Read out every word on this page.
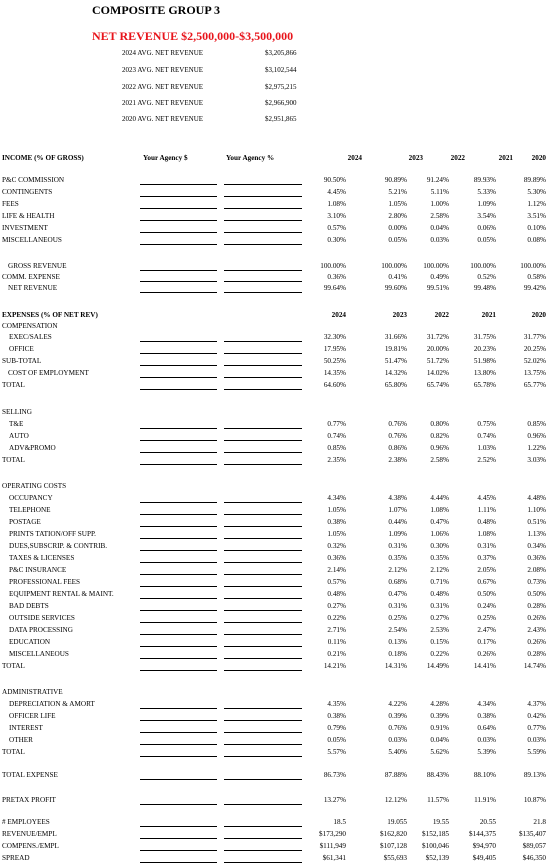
COMPOSITE GROUP 3
NET REVENUE $2,500,000-$3,500,000
2024 AVG. NET REVENUE	$3,205,866
2023 AVG. NET REVENUE	$3,102,544
2022 AVG. NET REVENUE	$2,975,215
2021 AVG. NET REVENUE	$2,966,900
2020 AVG. NET REVENUE	$2,951,865
INCOME (% OF GROSS)	Your Agency $	Your Agency %	2024	2023	2022	2021	2020
P&C COMMISSION	90.50%	90.89%	91.24%	89.93%	89.89%
CONTINGENTS	4.45%	5.21%	5.11%	5.33%	5.30%
FEES	1.08%	1.05%	1.00%	1.09%	1.12%
LIFE & HEALTH	3.10%	2.80%	2.58%	3.54%	3.51%
INVESTMENT	0.57%	0.00%	0.04%	0.06%	0.10%
MISCELLANEOUS	0.30%	0.05%	0.03%	0.05%	0.08%
GROSS REVENUE	100.00%	100.00%	100.00%	100.00%	100.00%
COMM. EXPENSE	0.36%	0.41%	0.49%	0.52%	0.58%
NET REVENUE	99.64%	99.60%	99.51%	99.48%	99.42%
EXPENSES (% OF NET REV)	2024	2023	2022	2021	2020
COMPENSATION
EXEC/SALES	32.30%	31.66%	31.72%	31.75%	31.77%
OFFICE	17.95%	19.81%	20.00%	20.23%	20.25%
SUB-TOTAL	50.25%	51.47%	51.72%	51.98%	52.02%
COST OF EMPLOYMENT	14.35%	14.32%	14.02%	13.80%	13.75%
TOTAL	64.60%	65.80%	65.74%	65.78%	65.77%
SELLING
T&E	0.77%	0.76%	0.80%	0.75%	0.85%
AUTO	0.74%	0.76%	0.82%	0.74%	0.96%
ADV&PROMO	0.85%	0.86%	0.96%	1.03%	1.22%
TOTAL	2.35%	2.38%	2.58%	2.52%	3.03%
OPERATING COSTS
OCCUPANCY	4.34%	4.38%	4.44%	4.45%	4.48%
TELEPHONE	1.05%	1.07%	1.08%	1.11%	1.10%
POSTAGE	0.38%	0.44%	0.47%	0.48%	0.51%
PRINTS TATION/OFF SUPP.	1.05%	1.09%	1.06%	1.08%	1.13%
DUES,SUBSCRIP. & CONTRIB.	0.32%	0.31%	0.30%	0.31%	0.34%
TAXES & LICENSES	0.36%	0.35%	0.35%	0.37%	0.36%
P&C INSURANCE	2.14%	2.12%	2.12%	2.05%	2.08%
PROFESSIONAL FEES	0.57%	0.68%	0.71%	0.67%	0.73%
EQUIPMENT RENTAL & MAINT.	0.48%	0.47%	0.48%	0.50%	0.50%
BAD DEBTS	0.27%	0.31%	0.31%	0.24%	0.28%
OUTSIDE SERVICES	0.22%	0.25%	0.27%	0.25%	0.26%
DATA PROCESSING	2.71%	2.54%	2.53%	2.47%	2.43%
EDUCATION	0.11%	0.13%	0.15%	0.17%	0.26%
MISCELLANEOUS	0.21%	0.18%	0.22%	0.26%	0.28%
TOTAL	14.21%	14.31%	14.49%	14.41%	14.74%
ADMINISTRATIVE
DEPRECIATION & AMORT	4.35%	4.22%	4.28%	4.34%	4.37%
OFFICER LIFE	0.38%	0.39%	0.39%	0.38%	0.42%
INTEREST	0.79%	0.76%	0.91%	0.64%	0.77%
OTHER	0.05%	0.03%	0.04%	0.03%	0.03%
TOTAL	5.57%	5.40%	5.62%	5.39%	5.59%
TOTAL EXPENSE	86.73%	87.88%	88.43%	88.10%	89.13%
PRETAX PROFIT	13.27%	12.12%	11.57%	11.91%	10.87%
# EMPLOYEES	18.5	19.055	19.55	20.55	21.8
REVENUE/EMPL	$173,290	$162,820	$152,185	$144,375	$135,407
COMPENS./EMPL	$111,949	$107,128	$100,046	$94,970	$89,057
SPREAD	$61,341	$55,693	$52,139	$49,405	$46,350
